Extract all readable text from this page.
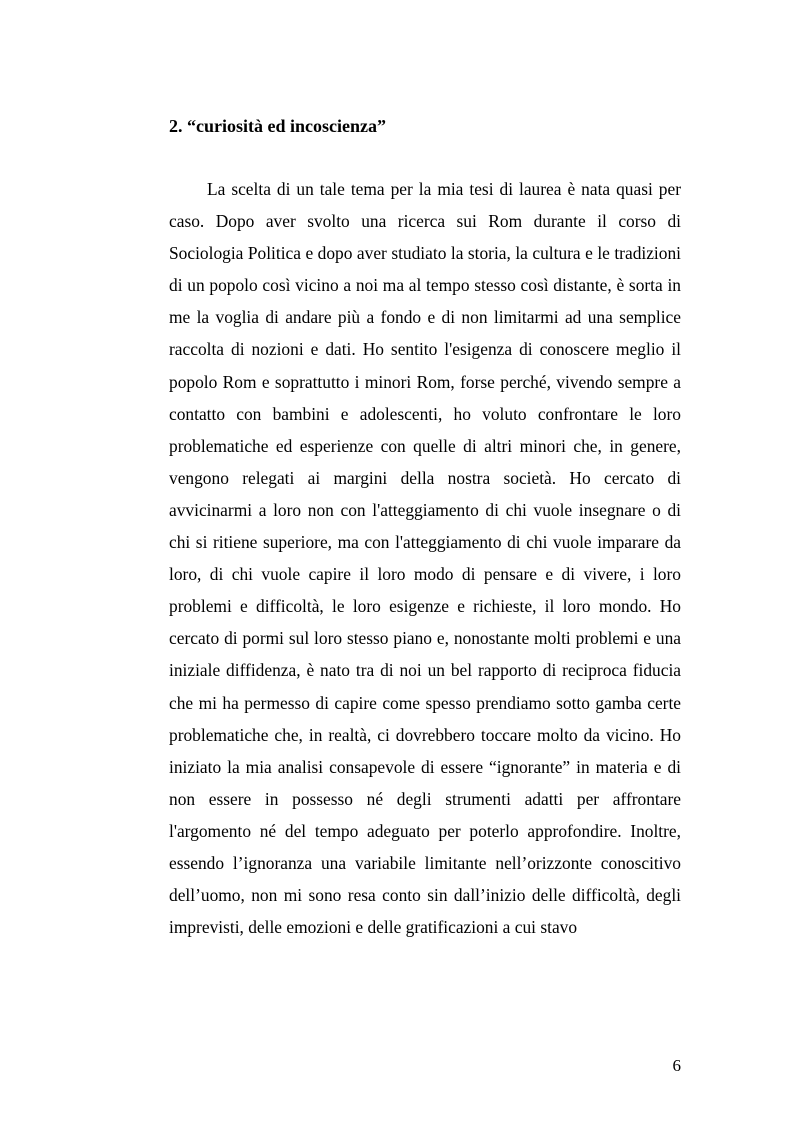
2. “curiosità ed incoscienza”

La scelta di un tale tema per la mia tesi di laurea è nata quasi per caso. Dopo aver svolto una ricerca sui Rom durante il corso di Sociologia Politica e dopo aver studiato la storia, la cultura e le tradizioni di un popolo così vicino a noi ma al tempo stesso così distante, è sorta in me la voglia di andare più a fondo e di non limitarmi ad una semplice raccolta di nozioni e dati. Ho sentito l'esigenza di conoscere meglio il popolo Rom e soprattutto i minori Rom, forse perché, vivendo sempre a contatto con bambini e adolescenti, ho voluto confrontare le loro problematiche ed esperienze con quelle di altri minori che, in genere, vengono relegati ai margini della nostra società. Ho cercato di avvicinarmi a loro non con l'atteggiamento di chi vuole insegnare o di chi si ritiene superiore, ma con l'atteggiamento di chi vuole imparare da loro, di chi vuole capire il loro modo di pensare e di vivere, i loro problemi e difficoltà, le loro esigenze e richieste, il loro mondo. Ho cercato di pormi sul loro stesso piano e, nonostante molti problemi e una iniziale diffidenza, è nato tra di noi un bel rapporto di reciproca fiducia che mi ha permesso di capire come spesso prendiamo sotto gamba certe problematiche che, in realtà, ci dovrebbero toccare molto da vicino. Ho iniziato la mia analisi consapevole di essere “ignorante” in materia e di non essere in possesso né degli strumenti adatti per affrontare l'argomento né del tempo adeguato per poterlo approfondire. Inoltre, essendo l’ignoranza una variabile limitante nell’orizzonte conoscitivo dell’uomo, non mi sono resa conto sin dall’inizio delle difficoltà, degli imprevisti, delle emozioni e delle gratificazioni a cui stavo

6
